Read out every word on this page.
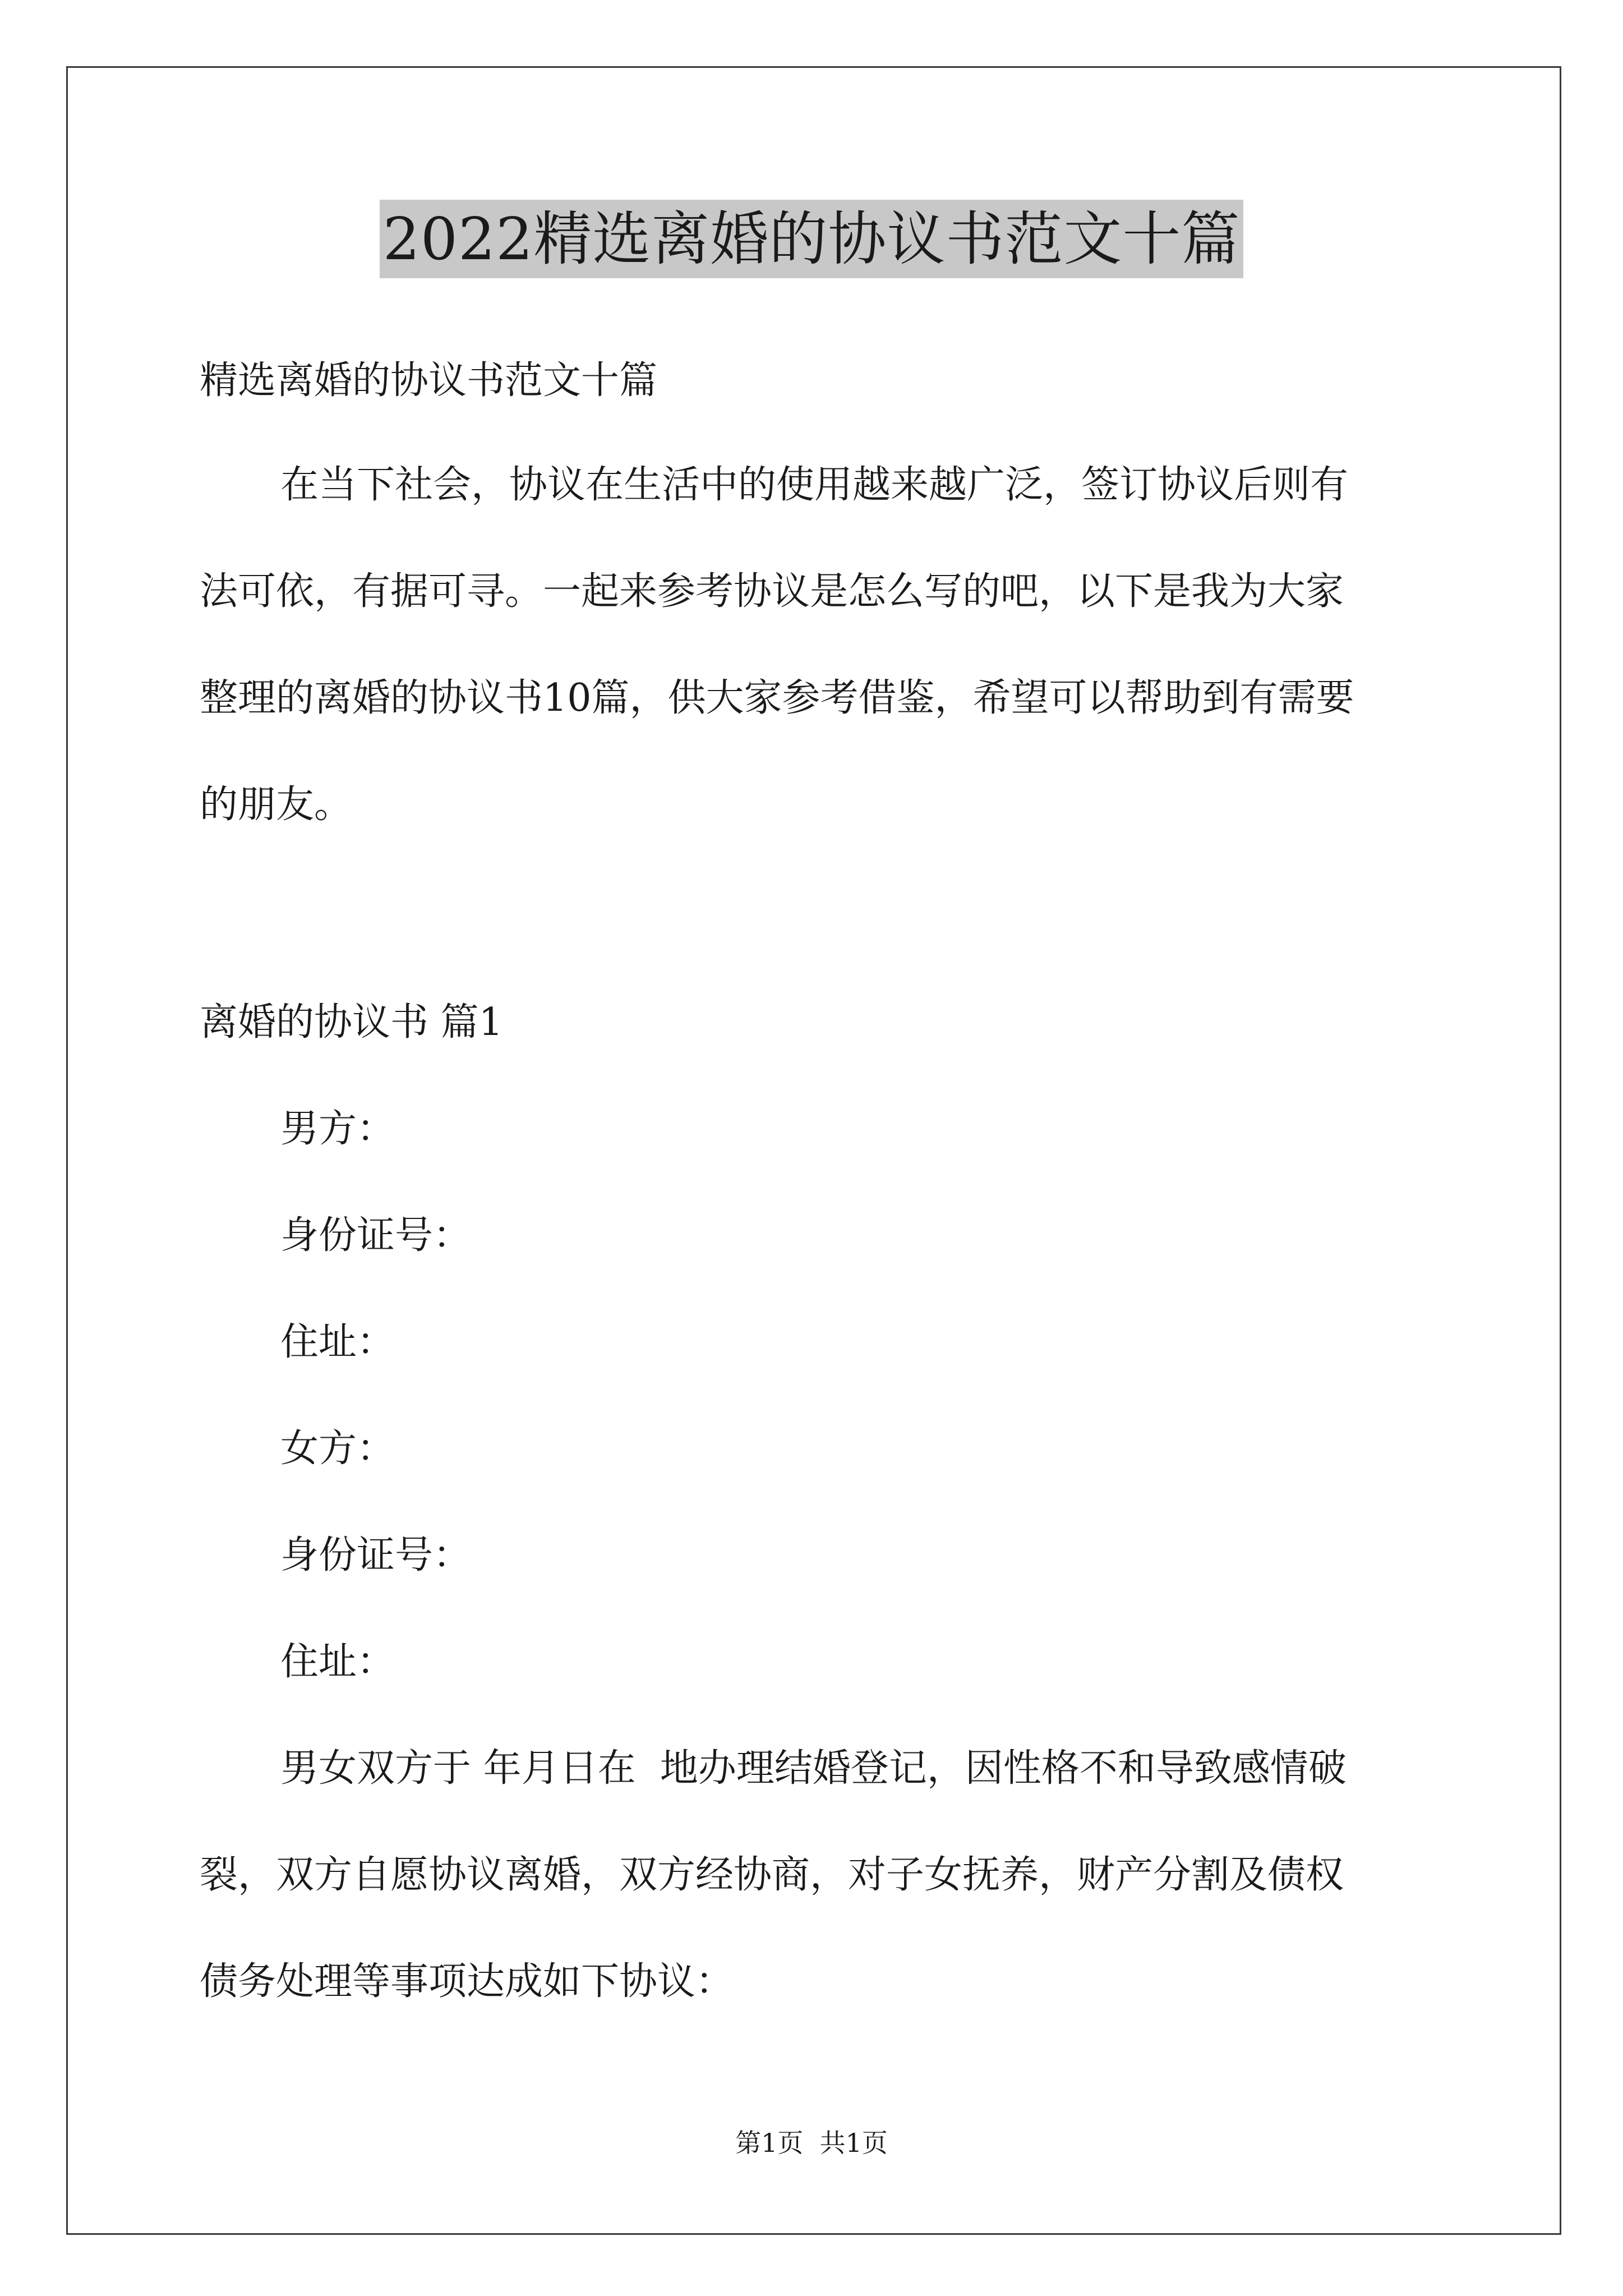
2022精选离婚的协议书范文十篇
精选离婚的协议书范文十篇
在当下社会，协议在生活中的使用越来越广泛，签订协议后则有
法可依，有据可寻。一起来参考协议是怎么写的吧，以下是我为大家
整理的离婚的协议书10篇，供大家参考借鉴，希望可以帮助到有需要
的朋友。
离婚的协议书 篇1
男方：
身份证号：
住址：
女方：
身份证号：
住址：
男女双方于 年月日在  地办理结婚登记，因性格不和导致感情破
裂，双方自愿协议离婚，双方经协商，对子女抚养，财产分割及债权
债务处理等事项达成如下协议：
第1页  共1页
